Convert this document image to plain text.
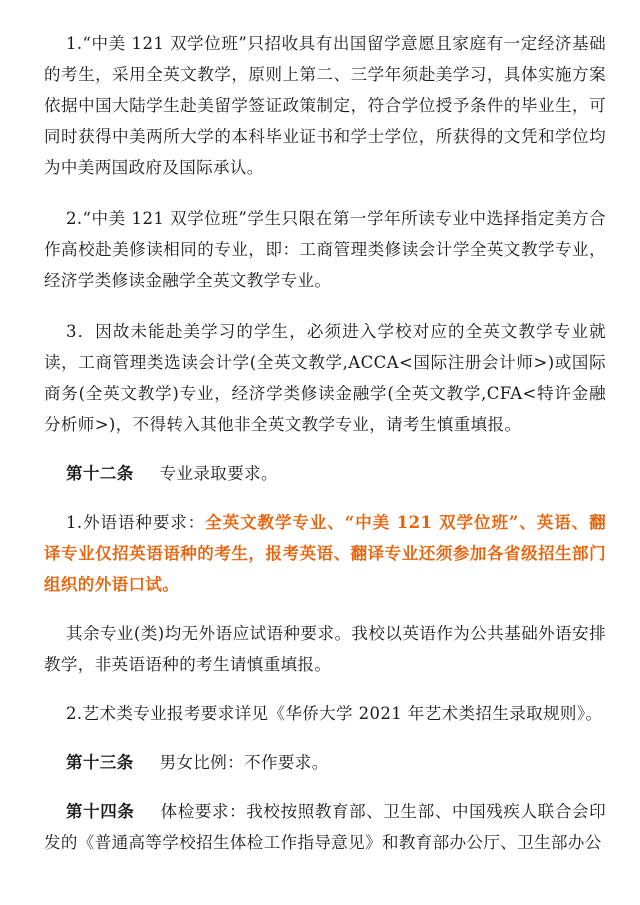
1.“中美 121 双学位班”只招收具有出国留学意愿且家庭有一定经济基础的考生，采用全英文教学，原则上第二、三学年须赴美学习，具体实施方案依据中国大陆学生赴美留学签证政策制定，符合学位授予条件的毕业生，可同时获得中美两所大学的本科毕业证书和学士学位，所获得的文凭和学位均为中美两国政府及国际承认。

2.“中美 121 双学位班”学生只限在第一学年所读专业中选择指定美方合作高校赴美修读相同的专业，即：工商管理类修读会计学全英文教学专业，经济学类修读金融学全英文教学专业。

3．因故未能赴美学习的学生，必须进入学校对应的全英文教学专业就读，工商管理类选读会计学(全英文教学,ACCA<国际注册会计师>)或国际商务(全英文教学)专业，经济学类修读金融学(全英文教学,CFA<特许金融分析师>)，不得转入其他非全英文教学专业，请考生慎重填报。

第十二条 专业录取要求。

1.外语语种要求：全英文教学专业、“中美 121 双学位班”、英语、翻译专业仅招英语语种的考生，报考英语、翻译专业还须参加各省级招生部门组织的外语口试。

其余专业(类)均无外语应试语种要求。我校以英语作为公共基础外语安排教学，非英语语种的考生请慎重填报。

2.艺术类专业报考要求详见《华侨大学 2021 年艺术类招生录取规则》。

第十三条 男女比例：不作要求。

第十四条 体检要求：我校按照教育部、卫生部、中国残疾人联合会印发的《普通高等学校招生体检工作指导意见》和教育部办公厅、卫生部办公
